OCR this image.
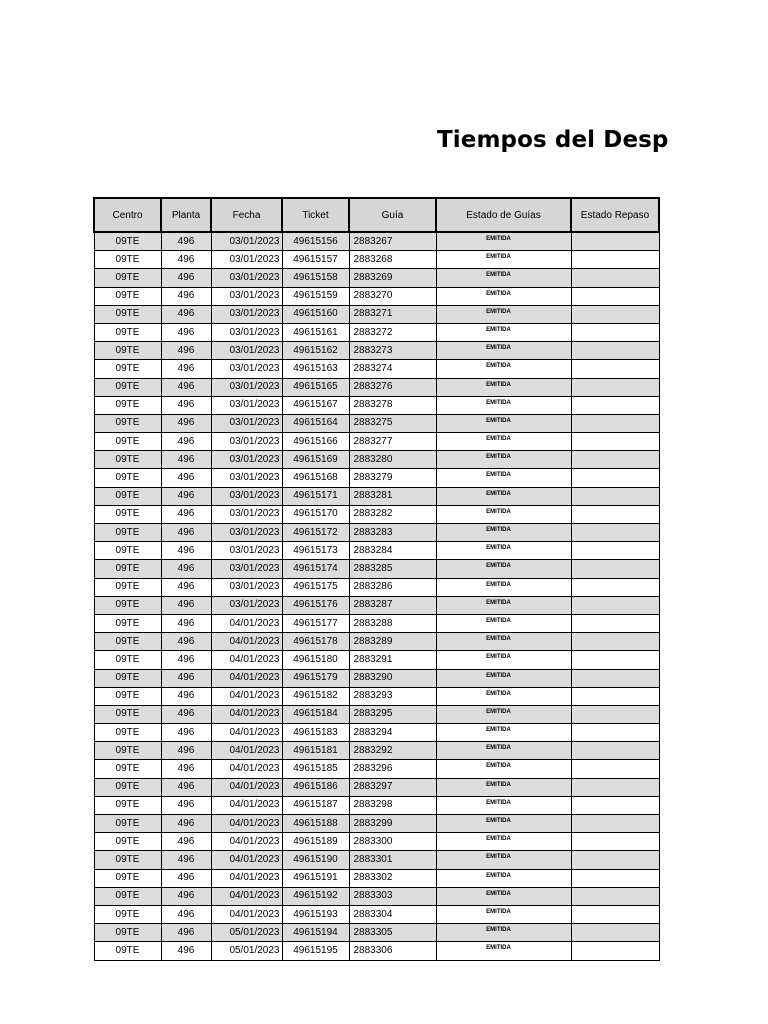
Tiempos del Desp
Centro	Planta	Fecha	Ticket	Guía	Estado de Guías	Estado Repaso
09TE	496	03/01/2023	49615156	2883267	EMITIDA	
09TE	496	03/01/2023	49615157	2883268	EMITIDA	
09TE	496	03/01/2023	49615158	2883269	EMITIDA	
09TE	496	03/01/2023	49615159	2883270	EMITIDA	
09TE	496	03/01/2023	49615160	2883271	EMITIDA	
09TE	496	03/01/2023	49615161	2883272	EMITIDA	
09TE	496	03/01/2023	49615162	2883273	EMITIDA	
09TE	496	03/01/2023	49615163	2883274	EMITIDA	
09TE	496	03/01/2023	49615165	2883276	EMITIDA	
09TE	496	03/01/2023	49615167	2883278	EMITIDA	
09TE	496	03/01/2023	49615164	2883275	EMITIDA	
09TE	496	03/01/2023	49615166	2883277	EMITIDA	
09TE	496	03/01/2023	49615169	2883280	EMITIDA	
09TE	496	03/01/2023	49615168	2883279	EMITIDA	
09TE	496	03/01/2023	49615171	2883281	EMITIDA	
09TE	496	03/01/2023	49615170	2883282	EMITIDA	
09TE	496	03/01/2023	49615172	2883283	EMITIDA	
09TE	496	03/01/2023	49615173	2883284	EMITIDA	
09TE	496	03/01/2023	49615174	2883285	EMITIDA	
09TE	496	03/01/2023	49615175	2883286	EMITIDA	
09TE	496	03/01/2023	49615176	2883287	EMITIDA	
09TE	496	04/01/2023	49615177	2883288	EMITIDA	
09TE	496	04/01/2023	49615178	2883289	EMITIDA	
09TE	496	04/01/2023	49615180	2883291	EMITIDA	
09TE	496	04/01/2023	49615179	2883290	EMITIDA	
09TE	496	04/01/2023	49615182	2883293	EMITIDA	
09TE	496	04/01/2023	49615184	2883295	EMITIDA	
09TE	496	04/01/2023	49615183	2883294	EMITIDA	
09TE	496	04/01/2023	49615181	2883292	EMITIDA	
09TE	496	04/01/2023	49615185	2883296	EMITIDA	
09TE	496	04/01/2023	49615186	2883297	EMITIDA	
09TE	496	04/01/2023	49615187	2883298	EMITIDA	
09TE	496	04/01/2023	49615188	2883299	EMITIDA	
09TE	496	04/01/2023	49615189	2883300	EMITIDA	
09TE	496	04/01/2023	49615190	2883301	EMITIDA	
09TE	496	04/01/2023	49615191	2883302	EMITIDA	
09TE	496	04/01/2023	49615192	2883303	EMITIDA	
09TE	496	04/01/2023	49615193	2883304	EMITIDA	
09TE	496	05/01/2023	49615194	2883305	EMITIDA	
09TE	496	05/01/2023	49615195	2883306	EMITIDA	
